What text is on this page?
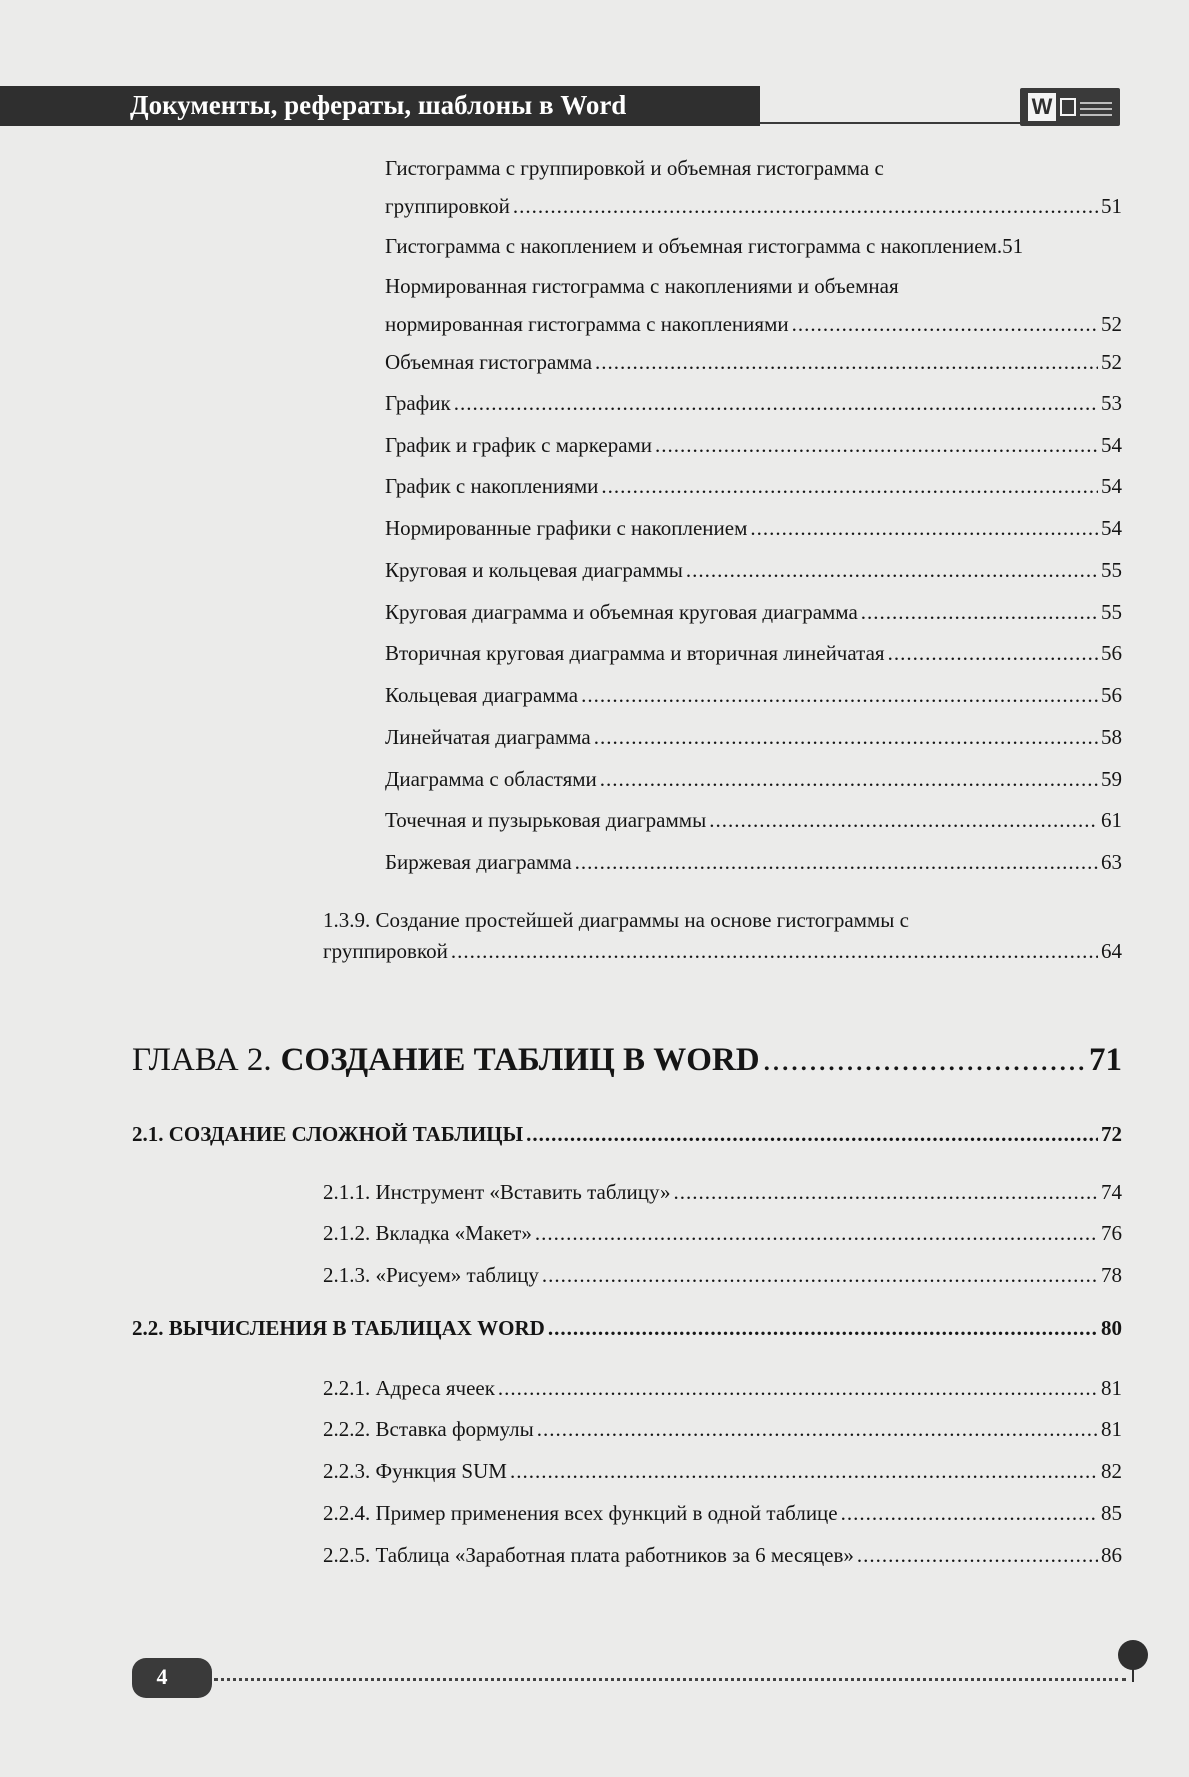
Документы, рефераты, шаблоны в Word	W
Гистограмма с группировкой и объемная гистограмма с
группировкой .....	51
Гистограмма с накоплением и объемная гистограмма с накоплением .51
Нормированная гистограмма с накоплениями и объемная
нормированная гистограмма с накоплениями .....	52
Объемная гистограмма .....	52
График .....	53
График и график с маркерами .....	54
График с накоплениями .....	54
Нормированные графики с накоплением .....	54
Круговая и кольцевая диаграммы .....	55
Круговая диаграмма и объемная круговая диаграмма .....	55
Вторичная круговая диаграмма и вторичная линейчатая .....	56
Кольцевая диаграмма .....	56
Линейчатая диаграмма .....	58
Диаграмма с областями .....	59
Точечная и пузырьковая диаграммы .....	61
Биржевая диаграмма .....	63
1.3.9. Создание простейшей диаграммы на основе гистограммы с
группировкой .....	64
ГЛАВА 2. СОЗДАНИЕ ТАБЛИЦ В WORD .....	71
2.1. СОЗДАНИЕ СЛОЖНОЙ ТАБЛИЦЫ .....	72
2.1.1. Инструмент «Вставить таблицу» .....	74
2.1.2. Вкладка «Макет» .....	76
2.1.3. «Рисуем» таблицу .....	78
2.2. ВЫЧИСЛЕНИЯ В ТАБЛИЦАХ WORD .....	80
2.2.1. Адреса ячеек .....	81
2.2.2. Вставка формулы .....	81
2.2.3. Функция SUM .....	82
2.2.4. Пример применения всех функций в одной таблице .....	85
2.2.5. Таблица «Заработная плата работников за 6 месяцев» .....	86
4
